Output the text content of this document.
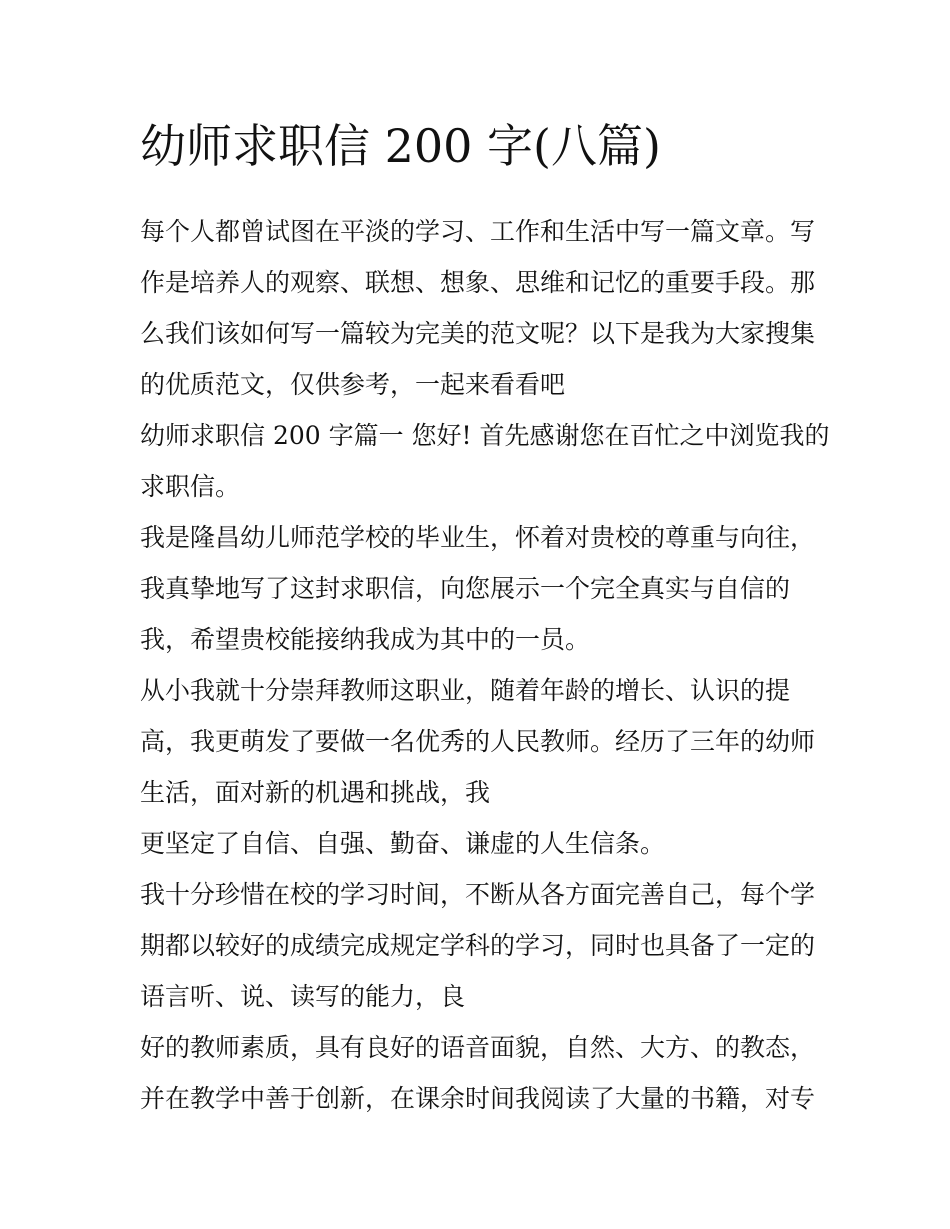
幼师求职信 200 字(八篇)
每个人都曾试图在平淡的学习、工作和生活中写一篇文章。写
作是培养人的观察、联想、想象、思维和记忆的重要手段。那
么我们该如何写一篇较为完美的范文呢？以下是我为大家搜集
的优质范文，仅供参考，一起来看看吧
幼师求职信 200 字篇一 您好! 首先感谢您在百忙之中浏览我的
求职信。
我是隆昌幼儿师范学校的毕业生，怀着对贵校的尊重与向往，
我真挚地写了这封求职信，向您展示一个完全真实与自信的
我，希望贵校能接纳我成为其中的一员。
从小我就十分崇拜教师这职业，随着年龄的增长、认识的提
高，我更萌发了要做一名优秀的人民教师。经历了三年的幼师
生活，面对新的机遇和挑战，我
更坚定了自信、自强、勤奋、谦虚的人生信条。
我十分珍惜在校的学习时间，不断从各方面完善自己，每个学
期都以较好的成绩完成规定学科的学习，同时也具备了一定的
语言听、说、读写的能力，良
好的教师素质，具有良好的语音面貌，自然、大方、的教态，
并在教学中善于创新，在课余时间我阅读了大量的书籍，对专
